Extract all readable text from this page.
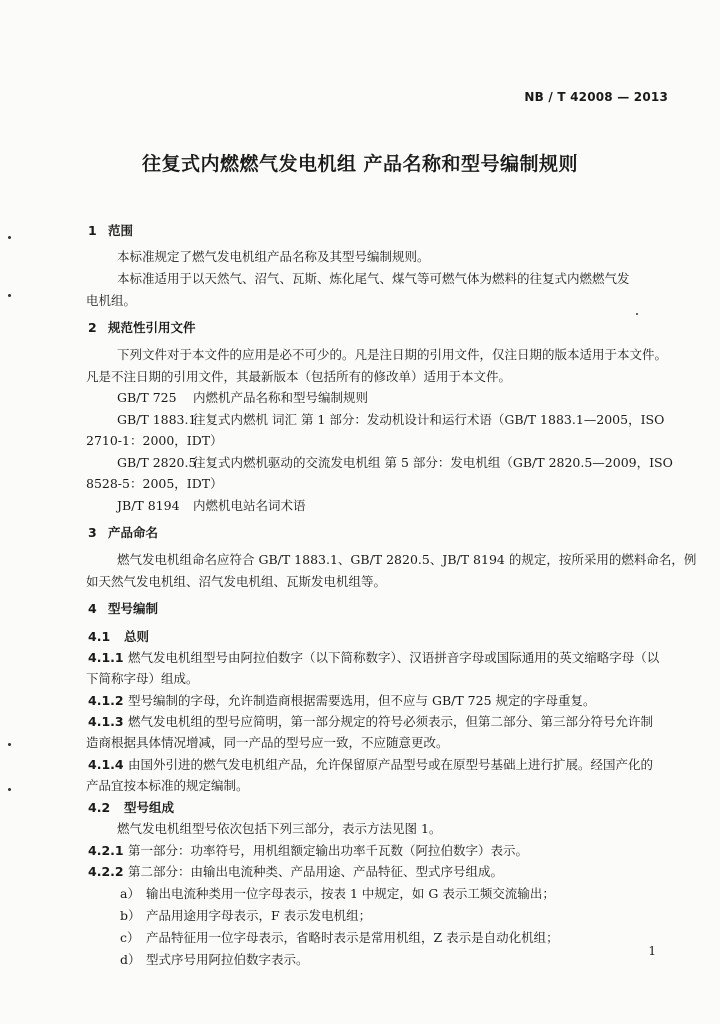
NB / T 42008 — 2013
往复式内燃燃气发电机组 产品名称和型号编制规则
1 范围
本标准规定了燃气发电机组产品名称及其型号编制规则。
本标准适用于以天然气、沼气、瓦斯、炼化尾气、煤气等可燃气体为燃料的往复式内燃燃气发
电机组。
2 规范性引用文件
下列文件对于本文件的应用是必不可少的。凡是注日期的引用文件，仅注日期的版本适用于本文件。
凡是不注日期的引用文件，其最新版本（包括所有的修改单）适用于本文件。
GB/T 725 内燃机产品名称和型号编制规则
GB/T 1883.1往复式内燃机 词汇 第 1 部分：发动机设计和运行术语（GB/T 1883.1—2005，ISO
2710-1：2000，IDT）
GB/T 2820.5往复式内燃机驱动的交流发电机组 第 5 部分：发电机组（GB/T 2820.5—2009，ISO
8528-5：2005，IDT）
JB/T 8194 内燃机电站名词术语
3 产品命名
燃气发电机组命名应符合 GB/T 1883.1、GB/T 2820.5、JB/T 8194 的规定，按所采用的燃料命名，例
如天然气发电机组、沼气发电机组、瓦斯发电机组等。
4 型号编制
4.1 总则
4.1.1 燃气发电机组型号由阿拉伯数字（以下简称数字）、汉语拼音字母或国际通用的英文缩略字母（以
下简称字母）组成。
4.1.2 型号编制的字母，允许制造商根据需要选用，但不应与 GB/T 725 规定的字母重复。
4.1.3 燃气发电机组的型号应简明，第一部分规定的符号必须表示，但第二部分、第三部分符号允许制
造商根据具体情况增减，同一产品的型号应一致，不应随意更改。
4.1.4 由国外引进的燃气发电机组产品，允许保留原产品型号或在原型号基础上进行扩展。经国产化的
产品宜按本标准的规定编制。
4.2 型号组成
燃气发电机组型号依次包括下列三部分，表示方法见图 1。
4.2.1 第一部分：功率符号，用机组额定输出功率千瓦数（阿拉伯数字）表示。
4.2.2 第二部分：由输出电流种类、产品用途、产品特征、型式序号组成。
a） 输出电流种类用一位字母表示，按表 1 中规定，如 G 表示工频交流输出；
b） 产品用途用字母表示，F 表示发电机组；
c） 产品特征用一位字母表示，省略时表示是常用机组，Z 表示是自动化机组；
d） 型式序号用阿拉伯数字表示。
1
